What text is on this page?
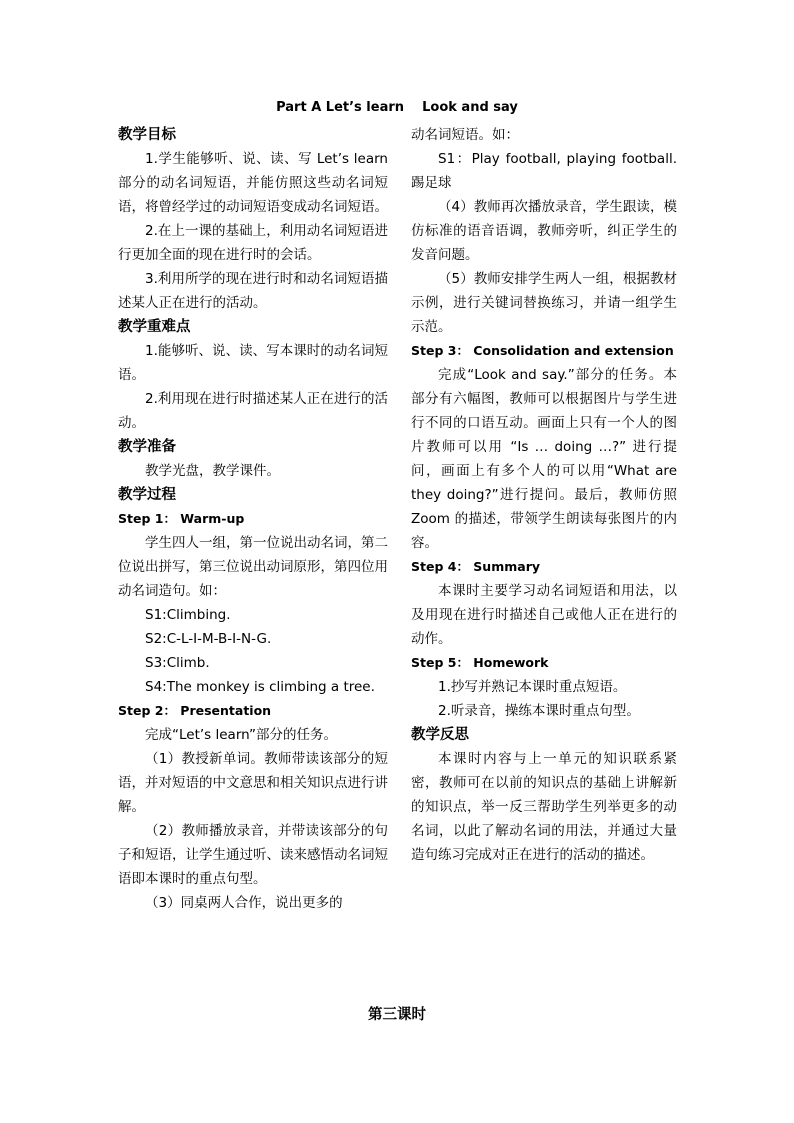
Part A Let’s learn    Look and say
教学目标
1.学生能够听、说、读、写 Let’s learn 部分的动名词短语，并能仿照这些动名词短语，将曾经学过的动词短语变成动名词短语。
2.在上一课的基础上，利用动名词短语进行更加全面的现在进行时的会话。
3.利用所学的现在进行时和动名词短语描述某人正在进行的活动。
教学重难点
1.能够听、说、读、写本课时的动名词短语。
2.利用现在进行时描述某人正在进行的活动。
教学准备
教学光盘，教学课件。
教学过程
Step 1： Warm-up
学生四人一组，第一位说出动名词，第二位说出拼写，第三位说出动词原形，第四位用动名词造句。如：
S1:Climbing.
S2:C-L-I-M-B-I-N-G.
S3:Climb.
S4:The monkey is climbing a tree.
Step 2： Presentation
完成“Let’s learn”部分的任务。
（1）教授新单词。教师带读该部分的短语，并对短语的中文意思和相关知识点进行讲解。
（2）教师播放录音，并带读该部分的句子和短语，让学生通过听、读来感悟动名词短语即本课时的重点句型。
（3）同桌两人合作，说出更多的
动名词短语。如：
S1：Play football, playing football. 踢足球
（4）教师再次播放录音，学生跟读，模仿标准的语音语调，教师旁听，纠正学生的发音问题。
（5）教师安排学生两人一组，根据教材示例，进行关键词替换练习，并请一组学生示范。
Step 3： Consolidation and extension
完成“Look and say.”部分的任务。本部分有六幅图，教师可以根据图片与学生进行不同的口语互动。画面上只有一个人的图片教师可以用 “Is … doing …?” 进行提问，画面上有多个人的可以用“What are they doing?”进行提问。最后，教师仿照 Zoom 的描述，带领学生朗读每张图片的内容。
Step 4： Summary
本课时主要学习动名词短语和用法，以及用现在进行时描述自己或他人正在进行的动作。
Step 5： Homework
1.抄写并熟记本课时重点短语。
2.听录音，操练本课时重点句型。
教学反思
本课时内容与上一单元的知识联系紧密，教师可在以前的知识点的基础上讲解新的知识点，举一反三帮助学生列举更多的动名词，以此了解动名词的用法，并通过大量造句练习完成对正在进行的活动的描述。
第三课时
